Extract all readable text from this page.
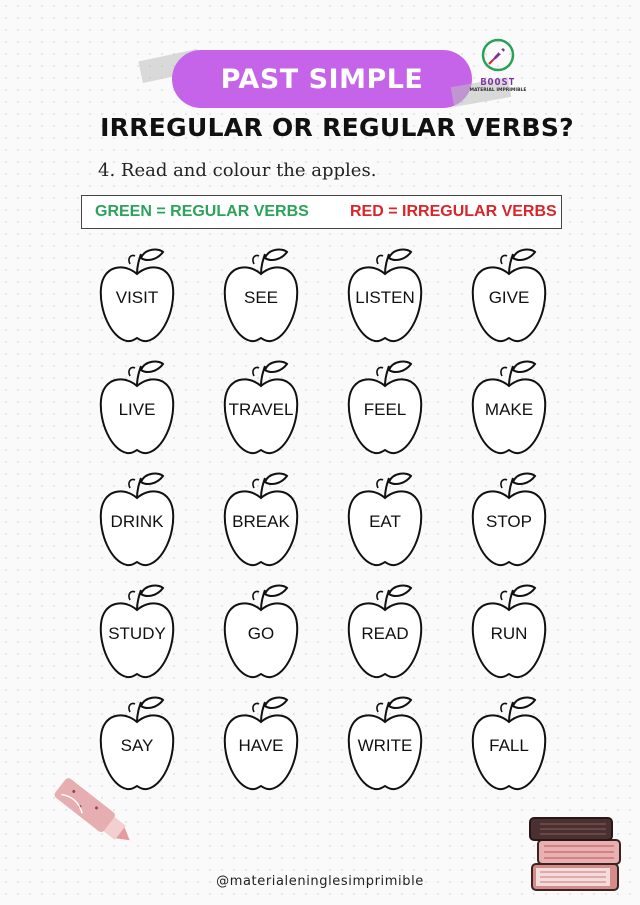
PAST SIMPLE	BOOST
MATERIAL IMPRIMIBLE
IRREGULAR OR REGULAR VERBS?
4. Read and colour the apples.
GREEN = REGULAR VERBS	RED = IRREGULAR VERBS
VISIT	SEE	LISTEN	GIVE
LIVE	TRAVEL	FEEL	MAKE
DRINK	BREAK	EAT	STOP
STUDY	GO	READ	RUN
SAY	HAVE	WRITE	FALL
@materialeninglesimprimible
